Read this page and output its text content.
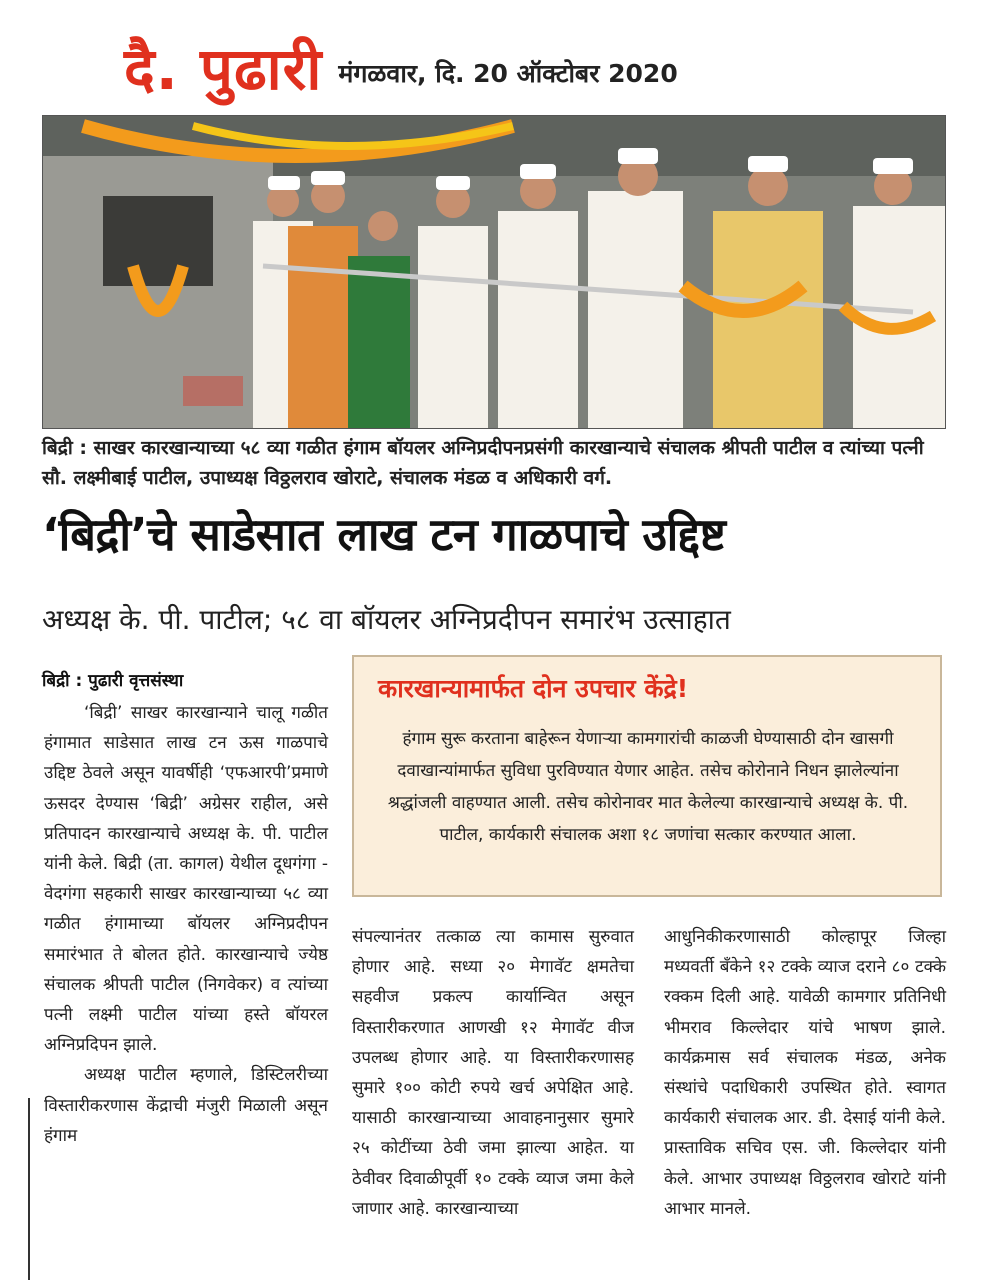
दै. पुढारी मंगळवार, दि. 20 ऑक्टोबर 2020
बिद्री : साखर कारखान्याच्या ५८ व्या गळीत हंगाम बॉयलर अग्निप्रदीपनप्रसंगी कारखान्याचे संचालक श्रीपती पाटील व त्यांच्या पत्नी सौ. लक्ष्मीबाई पाटील, उपाध्यक्ष विठ्ठलराव खोराटे, संचालक मंडळ व अधिकारी वर्ग.
‘बिद्री’चे साडेसात लाख टन गाळपाचे उद्दिष्ट
अध्यक्ष के. पी. पाटील; ५८ वा बॉयलर अग्निप्रदीपन समारंभ उत्साहात
बिद्री : पुढारी वृत्तसंस्था

‘बिद्री’ साखर कारखान्याने चालू गळीत हंगामात साडेसात लाख टन ऊस गाळपाचे उद्दिष्ट ठेवले असून यावर्षीही ‘एफआरपी’प्रमाणे ऊसदर देण्यास ‘बिद्री’ अग्रेसर राहील, असे प्रतिपादन कारखान्याचे अध्यक्ष के. पी. पाटील यांनी केले. बिद्री (ता. कागल) येथील दूधगंगा - वेदगंगा सहकारी साखर कारखान्याच्या ५८ व्या गळीत हंगामाच्या बॉयलर अग्निप्रदीपन समारंभात ते बोलत होते. कारखान्याचे ज्येष्ठ संचालक श्रीपती पाटील (निगवेकर) व त्यांच्या पत्नी लक्ष्मी पाटील यांच्या हस्ते बॉयरल अग्निप्रदिपन झाले.

अध्यक्ष पाटील म्हणाले, डिस्टिलरीच्या विस्तारीकरणास केंद्राची मंजुरी मिळाली असून हंगाम

कारखान्यामार्फत दोन उपचार केंद्रे!
हंगाम सुरू करताना बाहेरून येणाऱ्या कामगारांची काळजी घेण्यासाठी दोन खासगी दवाखान्यांमार्फत सुविधा पुरविण्यात येणार आहेत. तसेच कोरोनाने निधन झालेल्यांना श्रद्धांजली वाहण्यात आली. तसेच कोरोनावर मात केलेल्या कारखान्याचे अध्यक्ष के. पी. पाटील, कार्यकारी संचालक अशा १८ जणांचा सत्कार करण्यात आला.

संपल्यानंतर तत्काळ त्या कामास सुरुवात होणार आहे. सध्या २० मेगावॅट क्षमतेचा सहवीज प्रकल्प कार्यान्वित असून विस्तारीकरणात आणखी १२ मेगावॅट वीज उपलब्ध होणार आहे. या विस्तारीकरणासह सुमारे १०० कोटी रुपये खर्च अपेक्षित आहे. यासाठी कारखान्याच्या आवाहनानुसार सुमारे २५ कोटींच्या ठेवी जमा झाल्या आहेत. या ठेवीवर दिवाळीपूर्वी १० टक्के व्याज जमा केले जाणार आहे. कारखान्याच्या

आधुनिकीकरणासाठी कोल्हापूर जिल्हा मध्यवर्ती बँकेने १२ टक्के व्याज दराने ८० टक्के रक्कम दिली आहे. यावेळी कामगार प्रतिनिधी भीमराव किल्लेदार यांचे भाषण झाले. कार्यक्रमास सर्व संचालक मंडळ, अनेक संस्थांचे पदाधिकारी उपस्थित होते. स्वागत कार्यकारी संचालक आर. डी. देसाई यांनी केले. प्रास्ताविक सचिव एस. जी. किल्लेदार यांनी केले. आभार उपाध्यक्ष विठ्ठलराव खोराटे यांनी आभार मानले.
